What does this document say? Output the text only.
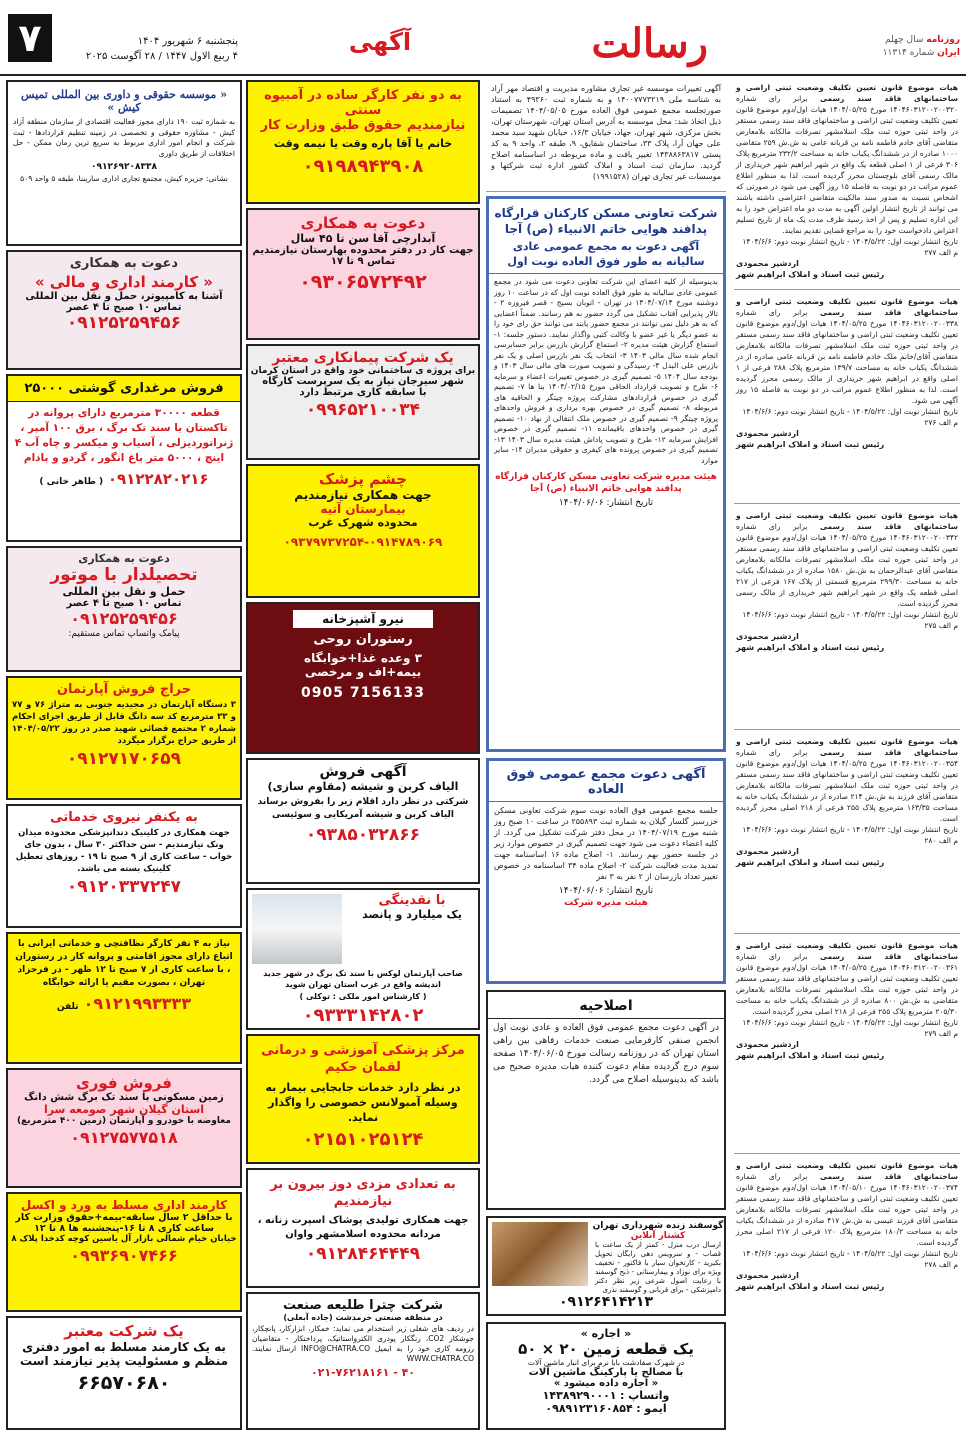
۷	پنجشنبه ۶ شهریور ۱۴۰۴
۴ ربیع الاول ۱۴۴۷ / ۲۸ آگوست ۲۰۲۵
آگهی	رسالت	روزنامه سال چهلم
ایران شماره ۱۱۳۱۴
هیات موضوع قانون تعیین تکلیف وضعیت ثبتی اراضی و ساختمانهای فاقد سند رسمی برابر رای شماره ۱۴۰۴۶۰۳۱۲۰۰۲۰۰۳۲۰ مورخ ۱۴۰۴/۰۵/۲۵ هیات اول/دوم موضوع قانون تعیین تکلیف وضعیت ثبتی اراضی و ساختمانهای فاقد سند رسمی مستقر در واحد ثبتی حوزه ثبت ملک اسلامشهر تصرفات مالکانه بلامعارض متقاضی آقای خادم فاطمه نامه بن قربانه عامی به ش.ش ۲۵۹ متقاضی ۱۰۰۰ صادره از در ششدانگ یکباب خانه به مساحت ۲۳۲/۲ مترمربع پلاک ۳۰۶ فرعی از ۱ اصلی قطعه یک واقع در شهر ابراهیم شهر خریداری از مالک رسمی آقای بلوچستان محرز گردیده است. لذا به منظور اطلاع عموم مراتب در دو نوبت به فاصله ۱۵ روز آگهی می شود در صورتی که اشخاص نسبت به صدور سند مالکیت متقاضی اعتراضی داشته باشند می توانند از تاریخ انتشار اولین آگهی به مدت دو ماه اعتراض خود را به این اداره تسلیم و پس از اخذ رسید ظرف مدت یک ماه از تاریخ تسلیم اعتراض دادخواست خود را به مراجع قضایی تقدیم نمایند.
تاریخ انتشار نوبت اول: ۱۴۰۴/۵/۲۲ - تاریخ انتشار نوبت دوم: ۱۴۰۴/۶/۶
م الف ۲۷۷
اردشیر محمودی
رئیس ثبت اسناد و املاک ابراهیم شهر
هیات موضوع قانون تعیین تکلیف وضعیت ثبتی اراضی و ساختمانهای فاقد سند رسمی برابر رای شماره ۱۴۰۴۶۰۳۱۲۰۰۲۰۰۳۳۸ مورخ ۱۴۰۴/۰۵/۲۵ هیات اول/دوم موضوع قانون تعیین تکلیف وضعیت ثبتی اراضی و ساختمانهای فاقد سند رسمی مستقر در واحد ثبتی حوزه ثبت ملک اسلامشهر تصرفات مالکانه بلامعارض متقاضی آقای/خانم ملک خادم فاطمه نامه بن قربانه عامی صادره از در ششدانگ یکباب خانه به مساحت ۱۳۹/۷ مترمربع پلاک ۲۸۸ فرعی از ۱ اصلی واقع در ابراهیم شهر خریداری از مالک رسمی محرز گردیده است. لذا به منظور اطلاع عموم مراتب در دو نوبت به فاصله ۱۵ روز آگهی می شود.
تاریخ انتشار نوبت اول: ۱۴۰۴/۵/۲۲ - تاریخ انتشار نوبت دوم: ۱۴۰۴/۶/۶
م الف ۲۷۶
اردشیر محمودی
رئیس ثبت اسناد و املاک ابراهیم شهر
هیات موضوع قانون تعیین تکلیف وضعیت ثبتی اراضی و ساختمانهای فاقد سند رسمی برابر رای شماره ۱۴۰۴۶۰۳۱۲۰۰۲۰۰۳۴۲ مورخ ۱۴۰۴/۰۵/۲۵ هیات اول/دوم موضوع قانون تعیین تکلیف وضعیت ثبتی اراضی و ساختمانهای فاقد سند رسمی مستقر در واحد ثبتی حوزه ثبت ملک اسلامشهر تصرفات مالکانه بلامعارض متقاضی آقای عبدالرحمان به ش.ش ۱۵۸۰ صادره از در ششدانگ یکباب خانه به مساحت ۲۹۹/۳۰ مترمربع قسمتی از پلاک ۱۶۷ فرعی از ۲۱۷ اصلی قطعه یک واقع در شهر ابراهیم شهر خریداری از مالک رسمی محرز گردیده است.
تاریخ انتشار نوبت اول: ۱۴۰۴/۵/۲۲ - تاریخ انتشار نوبت دوم: ۱۴۰۴/۶/۶
م الف ۲۷۵
اردشیر محمودی
رئیس ثبت اسناد و املاک ابراهیم شهر
هیات موضوع قانون تعیین تکلیف وضعیت ثبتی اراضی و ساختمانهای فاقد سند رسمی برابر رای شماره ۱۴۰۴۶۰۳۱۲۰۰۲۰۰۳۵۴ مورخ ۱۴۰۴/۰۵/۲۵ هیات اول/دوم موضوع قانون تعیین تکلیف وضعیت ثبتی اراضی و ساختمانهای فاقد سند رسمی مستقر در واحد ثبتی حوزه ثبت ملک اسلامشهر تصرفات مالکانه بلامعارض متقاضی آقای فرزند به ش.ش ۲۱۴ صادره از در ششدانگ یکباب خانه به مساحت ۱۶۳/۳۵ مترمربع پلاک ۲۵۵ فرعی از ۲۱۸ اصلی محرز گردیده است.
تاریخ انتشار نوبت اول: ۱۴۰۴/۵/۲۲ - تاریخ انتشار نوبت دوم: ۱۴۰۴/۶/۶
م الف ۲۸۰
اردشیر محمودی
رئیس ثبت اسناد و املاک ابراهیم شهر
هیات موضوع قانون تعیین تکلیف وضعیت ثبتی اراضی و ساختمانهای فاقد سند رسمی برابر رای شماره ۱۴۰۴۶۰۳۱۲۰۰۲۰۰۳۶۱ مورخ ۱۴۰۴/۰۵/۲۵ هیات اول/دوم موضوع قانون تعیین تکلیف وضعیت ثبتی اراضی و ساختمانهای فاقد سند رسمی مستقر در واحد ثبتی حوزه ثبت ملک اسلامشهر تصرفات مالکانه بلامعارض متقاضی به ش.ش ۸۰۰ صادره از در ششدانگ یکباب خانه به مساحت ۲۰۵/۳۰ مترمربع پلاک ۲۵۵ فرعی از ۲۱۸ اصلی محرز گردیده است.
تاریخ انتشار نوبت اول: ۱۴۰۴/۵/۲۲ - تاریخ انتشار نوبت دوم: ۱۴۰۴/۶/۶
م الف ۲۷۹
اردشیر محمودی
رئیس ثبت اسناد و املاک ابراهیم شهر
هیات موضوع قانون تعیین تکلیف وضعیت ثبتی اراضی و ساختمانهای فاقد سند رسمی برابر رای شماره ۱۴۰۴۶۰۳۱۲۰۰۲۰۰۳۷۴ مورخ ۱۴۰۴/۰۵/۱۰ هیات اول/دوم موضوع قانون تعیین تکلیف وضعیت ثبتی اراضی و ساختمانهای فاقد سند رسمی مستقر در واحد ثبتی حوزه ثبت ملک اسلامشهر تصرفات مالکانه بلامعارض متقاضی آقای فرزند عیسی به ش.ش ۴۱۷ صادره از در ششدانگ یکباب خانه به مساحت ۱۸۰/۲ مترمربع پلاک ۱۲۰ فرعی از ۲۱۷ اصلی محرز گردیده است.
تاریخ انتشار نوبت اول: ۱۴۰۴/۵/۲۲ - تاریخ انتشار نوبت دوم: ۱۴۰۴/۶/۶
م الف ۲۷۸
اردشیر محمودی
رئیس ثبت اسناد و املاک ابراهیم شهر
آگهی تغییرات موسسه غیر تجاری مشاوره مدیریت و اقتصاد مهر آراد به شناسه ملی ۱۴۰۰۷۷۷۳۲۱۹ و به شماره ثبت ۴۹۳۶۰ به استناد صورتجلسه مجمع عمومی فوق العاده مورخ ۱۴۰۴/۰۵/۰۵ تصمیمات ذیل اتخاذ شد: محل موسسه به آدرس استان تهران، شهرستان تهران، بخش مرکزی، شهر تهران، جهاد، خیابان ۱۶/۳، خیابان شهید سید محمد علی جهان آرا، پلاک ۳۳، ساختمان شقایق، ۹، طبقه ۲، واحد ۹ به کد پستی ۱۴۳۸۸۶۳۸۱۷ تغییر یافت و ماده مربوطه در اساسنامه اصلاح گردید. سازمان ثبت اسناد و املاک کشور اداره ثبت شرکتها و موسسات غیر تجاری تهران (۱۹۹۱۵۲۸)
شرکت تعاونی مسکن کارکنان قرارگاه پدافند هوایی خاتم الانبیاء (ص) آجا
آگهی دعوت به مجمع عمومی عادی سالیانه به طور فوق العاده نوبت اول
بدینوسیله از کلیه اعضای این شرکت تعاونی دعوت می شود در مجمع عمومی عادی سالیانه به طور فوق العاده نوبت اول که در ساعت ۱۰ روز دوشنبه مورخ ۱۴۰۴/۰۷/۱۴ در تهران - اتوبان بسیج - قصر فیروزه ۲ - تالار پذیرایی آفتاب تشکیل می گردد حضور به هم رسانند. ضمناً اعضایی که به هر دلیل نمی توانند در مجمع حضور یابند می توانند حق رای خود را به عضو دیگر یا غیر عضو با وکالت کتبی واگذار نمایند. دستور جلسه: ۱- استماع گزارش هیئت مدیره ۲- استماع گزارش بازرس برابر حسابرسی انجام شده سال مالی ۱۴۰۳ ۳- انتخاب یک نفر بازرس اصلی و یک نفر بازرس علی البدل ۴- رسیدگی و تصویب صورت های مالی سال ۱۴۰۳ و بودجه سال ۱۴۰۴ ۵- تصمیم گیری در خصوص تغییرات اعضاء و سرمایه ۶- طرح و تصویب قرارداد الحاقی مورخ ۱۴۰۴/۰۲/۱۵ بنا ها ۷- تصمیم گیری در خصوص قراردادهای مشارکت پروژه چیتگر و الحاقیه های مربوطه ۸- تصمیم گیری در خصوص بهره برداری و فروش واحدهای پروژه چیتگر ۹- تصمیم گیری در خصوص ملک انتقالی از نهاد ۱۰- تصمیم گیری در خصوص واحدهای باقیمانده ۱۱- تصمیم گیری در خصوص افزایش سرمایه ۱۲- طرح و تصویب پاداش هیئت مدیره سال ۱۴۰۳ ۱۳- تصمیم گیری در خصوص پرونده های کیفری و حقوقی مدیران ۱۴- سایر موارد
هیئت مدیره شرکت تعاونی مسکن کارکنان قرارگاه پدافند هوایی خاتم الانبیاء (ص) آجا
تاریخ انتشار: ۱۴۰۴/۰۶/۰۶
آگهی دعوت مجمع عمومی فوق العاده
جلسه مجمع عمومی فوق العاده نوبت سوم شرکت تعاونی مسکن خزرسبز گلسار گیلان به شماره ثبت ۲۵۵۸۹۳ در ساعت ۱۰ صبح روز شنبه مورخ ۱۴۰۴/۰۷/۱۹ در محل دفتر شرکت تشکیل می گردد. از کلیه اعضاء دعوت می شود جهت تصمیم گیری در خصوص موارد زیر در جلسه حضور بهم رسانند. ۱- اصلاح ماده ۱۶ اساسنامه جهت تمدید مدت فعالیت شرکت ۲- اصلاح ماده ۳۴ اساسنامه در خصوص تغییر تعداد بازرسان از ۲ نفر به ۳ نفر
تاریخ انتشار: ۱۴۰۴/۰۶/۰۶
هیئت مدیره شرکت
اصلاحیه
در آگهی دعوت مجمع عمومی فوق العاده و عادی نوبت اول انجمن صنفی کارفرمایی صنعت خدمات رفاهی بین راهی استان تهران که در روزنامه رسالت مورخ ۱۴۰۴/۰۶/۰۵ صفحه سوم درج گردیده مقام دعوت کننده هیات مدیره صحیح می باشد که بدینوسیله اصلاح می گردد.
گوسفند زنده شهرداری تهران
کشتار آنلاین
ارسال درب منزل - کمتر از یک ساعت با قصاب - و سرویس دهی رایگان تحویل بکیرید - کارتخوان سیار با فاکتور - تخفیف ویژه برای نوزاد و بیمارستانی - ذبح گوسفند با رعایت اصول شرعی زیر نظر دکتر دامپزشکی - برای قربانی و گوسفند نذری
۰۹۱۲۶۴۱۴۲۱۳
« اجاره »
یک قطعه زمین ۲۰ × ۵۰
در شهرک صفادشت بابا نرم برای انبار ماشین آلات
با مصالح یا پارکینگ ماشین آلات
« اجاره داده میشود »
واتساپ : ۱۴۳۸۹۲۹۰۰۰۱
ایمو : ۰۹۸۹۱۲۳۱۶۰۸۵۴
به دو نفر کارگر ساده در آمبیوه سنتی
نیازمندیم حقوق طبق وزارت کار
خانم یا آقا پاره وقت یا نیمه وقت
۰۹۱۹۸۹۴۳۹۰۸
دعوت به همکاری
آبدارچی آقا سن تا ۴۵ سال
جهت کار در دفتر محدوده بهارستان نیازمندیم
تماس ۹ تا ۱۷
۰۹۳۰۶۵۷۲۴۹۲
یک شرکت پیمانکاری معتبر
برای پروژه ی ساختمانی خود واقع در استان کرمان
شهر سیرجان نیاز به یک سرپرست کارگاه
با سابقه کاری مرتبط دارد
۰۹۹۶۵۲۱۰۰۳۴
چشم پزشک
جهت همکاری نیازمندیم
بیمارستان آتیه
محدوده شهرک غرب
۰۹۳۷۹۷۳۷۲۵۴-۰۹۱۴۷۸۹۰۶۹
نیرو آشپزخانه
رستوران روحی
۳ وعده غذا+خوابگاه
بیمه+اف و مرخصی
0905 7156133
آگهی فروش
الیاف کربن و شیشه (مقاوم سازی)
شرکتی در نظر دارد اقلام زیر را بفروش برساند الیاف کربن و شیشه آمریکایی و سوئیسی
۰۹۳۸۵۰۳۲۸۶۶
با نقدینگی
یک میلیارد و پانصد
صاحب آپارتمان لوکس با سند تک برگ در شهر جدید اندیشه واقع در غرب استان تهران شوید
( کارشناس امور ملکی : توکلی )
۰۹۳۳۳۱۴۲۸۰۲
مرکز پزشکی آموزشی و درمانی لقمان حکیم
در نظر دارد خدمات جابجایی بیمار به وسیله آمبولانس خصوصی را واگذار نماید.
۰۲۱۵۱۰۲۵۱۲۴
به تعدادی مزدی دوز بیرون بر نیازمندیم
جهت همکاری تولیدی پوشاک اسپرت زنانه ، مردانه محدوده اسلامشهر واوان
۰۹۱۲۸۴۶۴۴۴۹
شرکت چترا طلیعه صنعت
در منطقه صنعتی خرمدشت (جاده آبعلی)
در ردیف های شغلی زیر استخدام می نماید: خمکار، ابزارکار، پانچکار، جوشکار CO2، رنگکار پودری الکترواستاتیک، پرداختکار - متقاضیان رزومه کاری خود را به ایمیل INFO@CHATRA.CO ارسال نمایند. WWW.CHATRA.CO
۰۲۱-۷۶۲۱۸۱۶۱ - ۴۰
« موسسه حقوقی و داوری بین المللی تمیس کیش »
به شماره ثبت ۱۹۰ دارای مجوز فعالیت اقتصادی از سازمان منطقه آزاد کیش - مشاوره حقوقی و تخصصی در زمینه تنظیم قراردادها - ثبت شرکت و انجام امور اداری مربوط به سریع ترین زمان ممکن - حل اختلافات از طریق داوری
۰۹۱۲۶۹۲۰۸۳۳۸
نشانی: جزیره کیش، مجتمع تجاری اداری ساریننا، طبقه ۵ واحد ۵۰۹
دعوت به همکاری
« کارمند اداری و مالی »
آشنا به کامپیوتر، حمل و نقل بین المللی
تماس ۱۰ صبح تا ۴ عصر
۰۹۱۲۵۲۵۹۴۵۶
فروش مرغداری گوشتی ۲۵۰۰۰
قطعه ۳۰۰۰۰ مترمربع دارای پروانه در تاکستان با سند تک برگ ، برق ۱۰۰ آمپر ، ژنراتوردیزلی ، آسیاب و میکسر و چاه آب ۴ اینچ ، ۵۰۰۰ متر باغ انگور ، گردو و بادام
۰۹۱۲۲۸۲۰۲۱۶ ( طاهر خانی )
دعوت به همکاری
تحصیلدار با موتور
حمل و نقل بین المللی
تماس ۱۰ صبح تا ۴ عصر
۰۹۱۲۵۲۵۹۴۵۶
پیامک واتساپ تماس مستقیم:
حراج فروش آپارتمان
۳ دستگاه آپارتمان در مجیدیه جنوبی به متراژ ۷۶ و ۷۷ و ۳۳ مترمربع کد سه دانگ قابل از طریق اجرای احکام شماره ۲ مجتمع قضائی شهید صدر در روز ۱۴۰۴/۰۵/۲۲ از طریق حراج برگزار میگردد
۰۹۱۲۷۱۷۰۶۵۹
به یکنفر نیروی خدماتی
جهت همکاری در کلینیک دندانپزشکی محدوده میدان ونک نیازمندیم - سن حداکثر ۳۰ سال ، بدون جای خواب - ساعت کاری از ۹ صبح تا ۱۹ - روزهای تعطیل کلینیک بسته می باشد.
۰۹۱۲۰۳۳۷۲۴۷
نیاز به ۴ نفر کارگر نظافتچی و خدماتی ایرانی با اتباع دارای مجوز اقامتی و پروانه کار در رستوران ، با ساعت کاری از ۷ صبح تا ۱۲ ظهر - در فرحزاد تهران ، بصورت مقیم یا ارائه خوابگاه
۰۹۱۲۱۹۹۳۳۳۳ تلفن
فروش فوری
زمین مسکونی با سند تک برگ شش دانگ
استان گیلان شهر صومعه سرا
معاوضه با خودرو و آپارتمان (زمین ۴۰۰ مترمربع)
۰۹۱۲۷۵۷۷۵۱۸
کارمند اداری مسلط به ورد و اکسل
با حداقل ۲ سال سابقه-بیمه+حقوق وزارت کار
ساعت کاری ۸ تا ۱۶-پنجشنبه ها ۸ تا ۱۲
خیابان خیام شمالی بازار آل یاسین کوچه کدخدا پلاک ۸
۰۹۹۳۶۹۰۷۴۶۶
یک شرکت معتبر
به یک کارمند مسلط به امور دفتری
منظم و مسئولیت پذیر نیازمند است
۶۶۵۷۰۶۸۰
